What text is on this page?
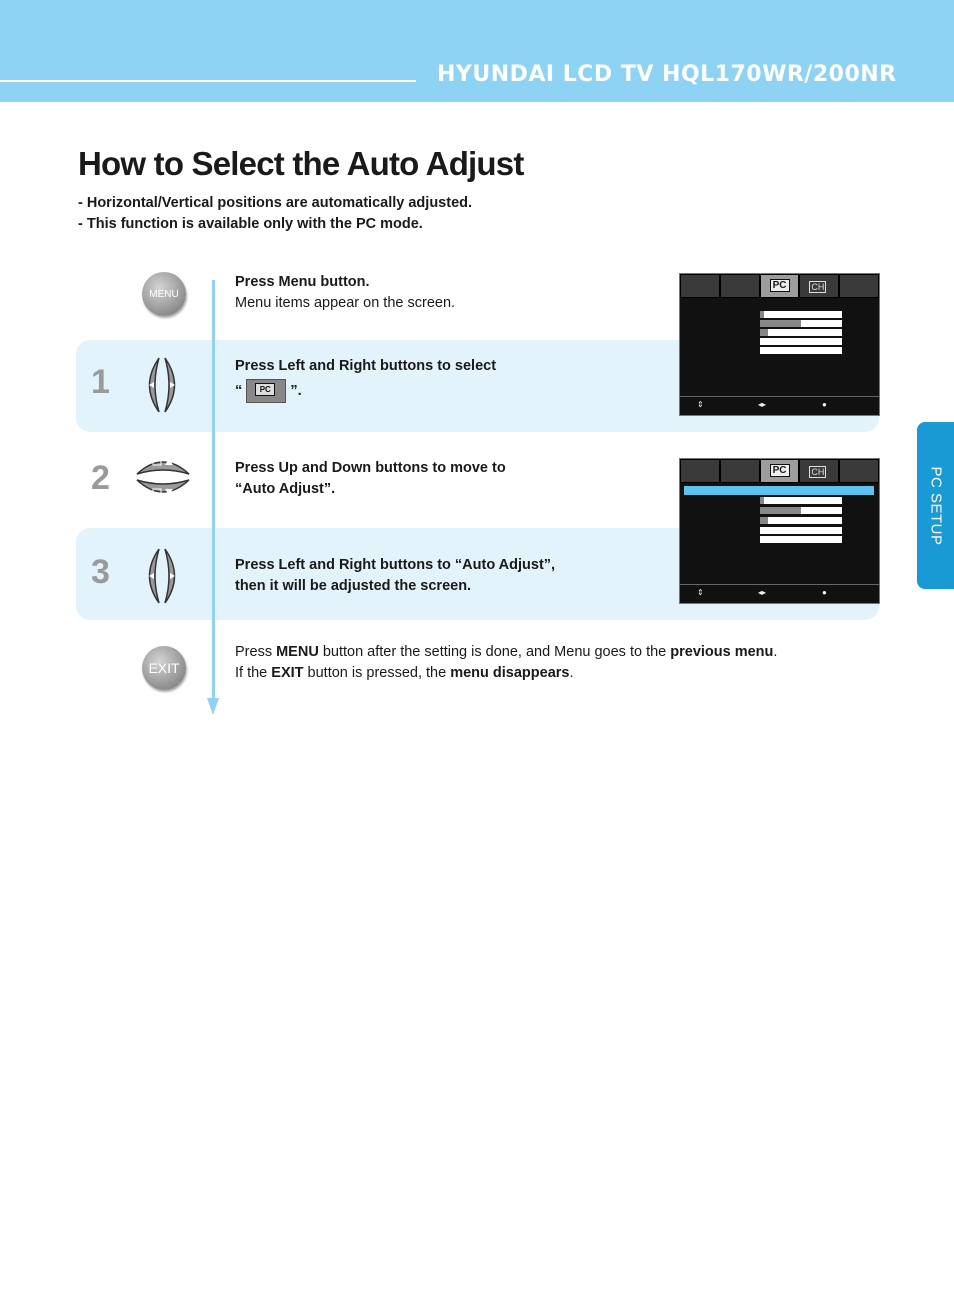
HYUNDAI LCD TV HQL170WR/200NR
PC SETUP
How to Select the Auto Adjust
- Horizontal/Vertical positions are automatically adjusted.
- This function is available only with the PC mode.
MENU
Press Menu button.
Menu items appear on the screen.
1	Press Left and Right buttons to select
“	PC	”.
PC	CH
⇕	◂▸	●
2	Press Up and Down buttons to move to
“Auto Adjust”.
PC	CH
⇕	◂▸	●
3	Press Left and Right buttons to “Auto Adjust”,
then it will be adjusted the screen.
EXIT
Press MENU button after the setting is done, and Menu goes to the previous menu.
If the EXIT button is pressed, the menu disappears.
